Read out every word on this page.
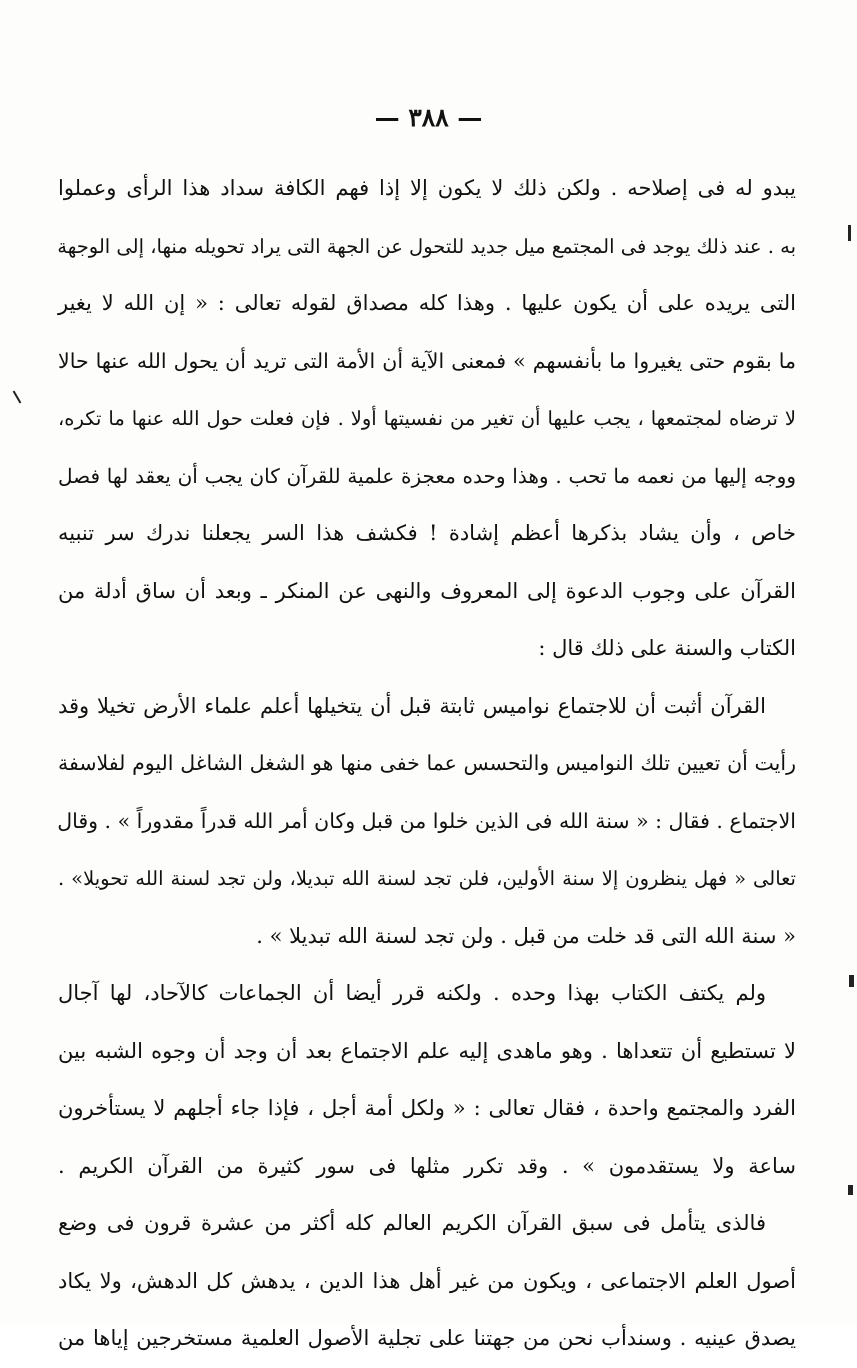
— ٣٨٨ —
يبدو له فى إصلاحه . ولكن ذلك لا يكون إلا إذا فهم الكافة سداد هذا الرأى وعملوا
به . عند ذلك يوجد فى المجتمع ميل جديد للتحول عن الجهة التى يراد تحويله منها، إلى الوجهة
التى يريده على أن يكون عليها . وهذا كله مصداق لقوله تعالى : « إن الله لا يغير
ما بقوم حتى يغيروا ما بأنفسهم » فمعنى الآية أن الأمة التى تريد أن يحول الله عنها حالا
لا ترضاه لمجتمعها ، يجب عليها أن تغير من نفسيتها أولا . فإن فعلت حول الله عنها ما تكره،
ووجه إليها من نعمه ما تحب . وهذا وحده معجزة علمية للقرآن كان يجب أن يعقد لها فصل
خاص ، وأن يشاد بذكرها أعظم إشادة ! فكشف هذا السر يجعلنا ندرك سر تنبيه
القرآن على وجوب الدعوة إلى المعروف والنهى عن المنكر ـ وبعد أن ساق أدلة من
الكتاب والسنة على ذلك قال :
القرآن أثبت أن للاجتماع نواميس ثابتة قبل أن يتخيلها أعلم علماء الأرض تخيلا وقد
رأيت أن تعيين تلك النواميس والتحسس عما خفى منها هو الشغل الشاغل اليوم لفلاسفة
الاجتماع . فقال : « سنة الله فى الذين خلوا من قبل وكان أمر الله قدراً مقدوراً » . وقال
تعالى « فهل ينظرون إلا سنة الأولين، فلن تجد لسنة الله تبديلا، ولن تجد لسنة الله تحويلا» .
« سنة الله التى قد خلت من قبل . ولن تجد لسنة الله تبديلا » .
ولم يكتف الكتاب بهذا وحده . ولكنه قرر أيضا أن الجماعات كالآحاد، لها آجال
لا تستطيع أن تتعداها . وهو ماهدى إليه علم الاجتماع بعد أن وجد أن وجوه الشبه بين
الفرد والمجتمع واحدة ، فقال تعالى : « ولكل أمة أجل ، فإذا جاء أجلهم لا يستأخرون
ساعة ولا يستقدمون » . وقد تكرر مثلها فى سور كثيرة من القرآن الكريم .
فالذى يتأمل فى سبق القرآن الكريم العالم كله أكثر من عشرة قرون فى وضع
أصول العلم الاجتماعى ، ويكون من غير أهل هذا الدين ، يدهش كل الدهش، ولا يكاد
يصدق عينيه . وسندأب نحن من جهتنا على تجلية الأصول العلمية مستخرجين إياها من
